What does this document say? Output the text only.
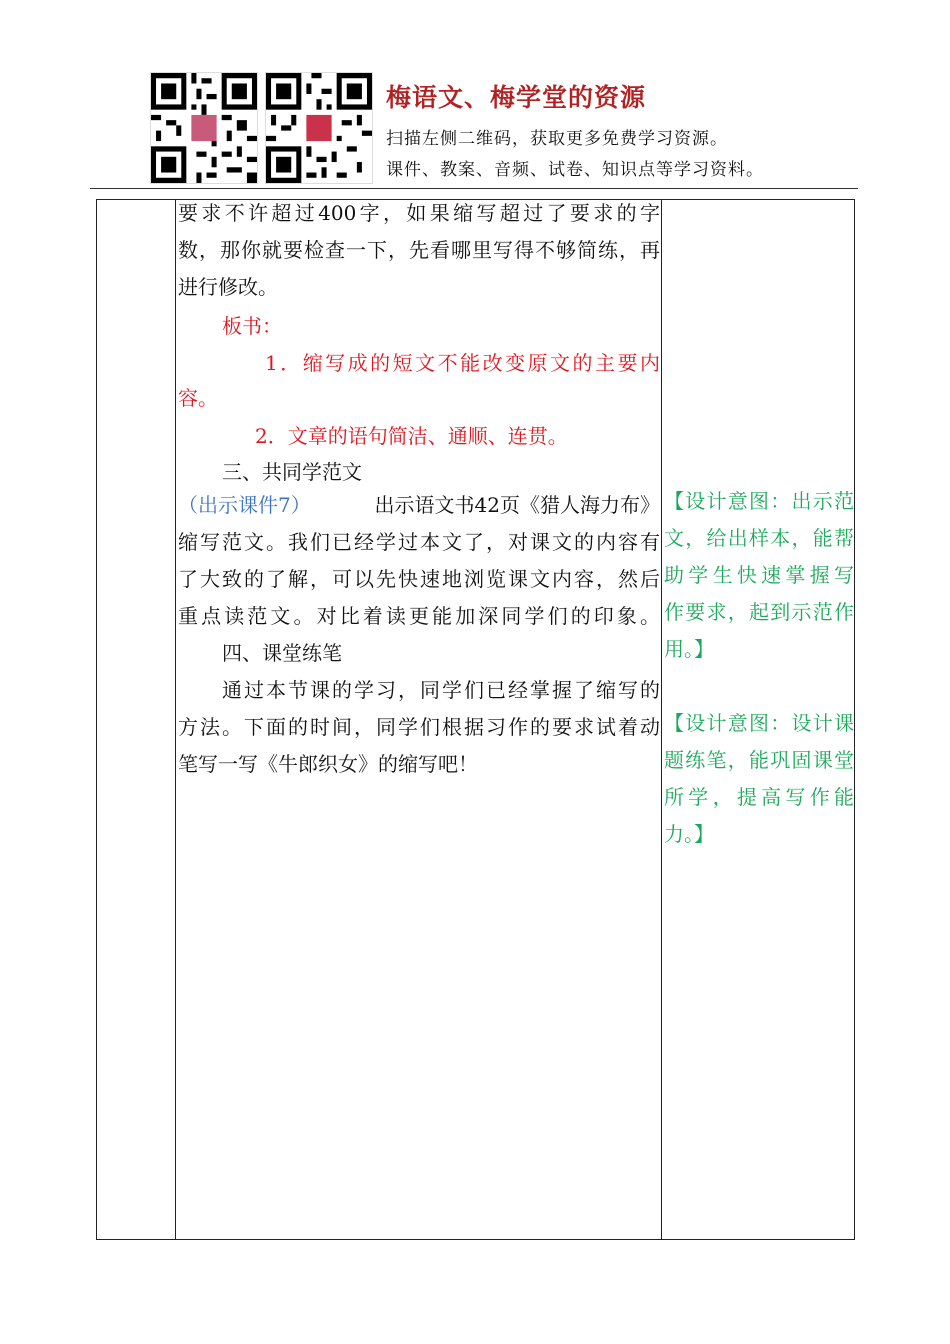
梅语文、梅学堂的资源
扫描左侧二维码，获取更多免费学习资源。
课件、教案、音频、试卷、知识点等学习资料。
要求不许超过400字，如果缩写超过了要求的字
数，那你就要检查一下，先看哪里写得不够简练，再
进行修改。
板书：
1．缩写成的短文不能改变原文的主要内
容。
2．文章的语句简洁、通顺、连贯。
三、共同学范文
（出示课件7）	出示语文书42页《猎人海力布》
缩写范文。我们已经学过本文了，对课文的内容有
了大致的了解，可以先快速地浏览课文内容，然后
重点读范文。对比着读更能加深同学们的印象。
四、课堂练笔
通过本节课的学习，同学们已经掌握了缩写的
方法。下面的时间，同学们根据习作的要求试着动
笔写一写《牛郎织女》的缩写吧！
【设计意图：出示范
文，给出样本，能帮
助学生快速掌握写
作要求，起到示范作
用。】
【设计意图：设计课
题练笔，能巩固课堂
所学，提高写作能
力。】
